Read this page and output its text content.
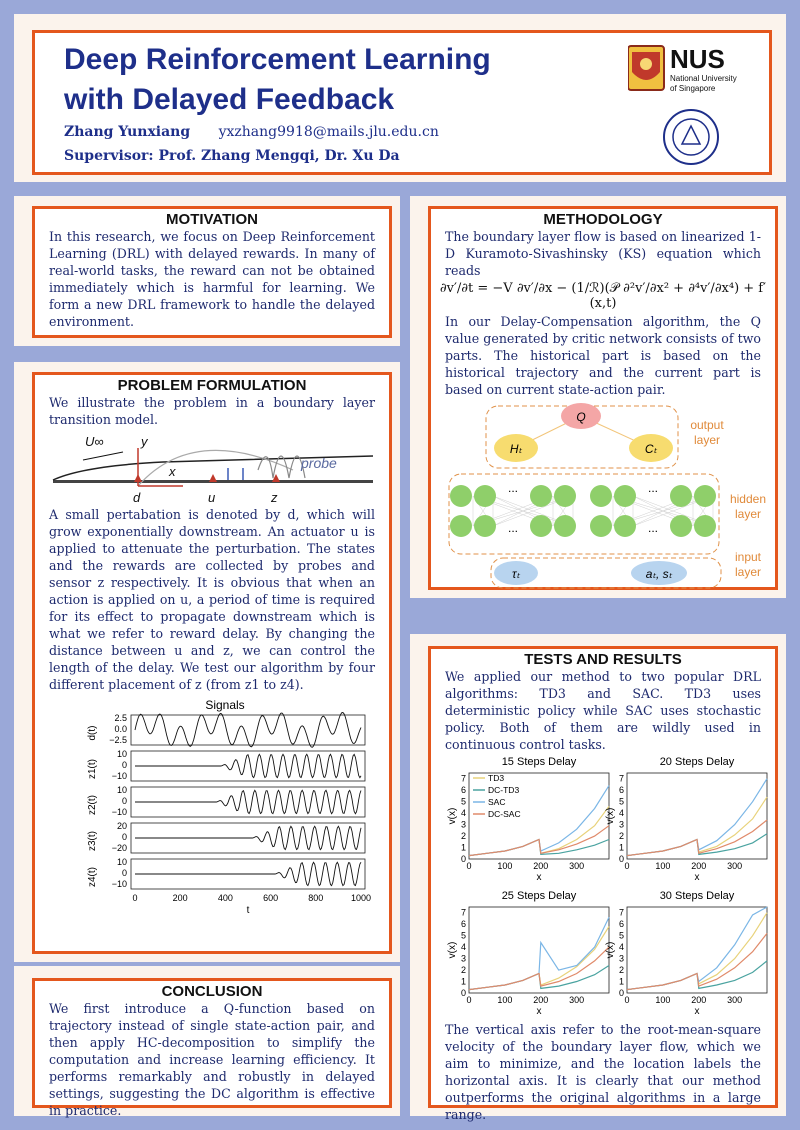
Deep Reinforcement Learning
with Delayed Feedback
Zhang Yunxiang yxzhang9918@mails.jlu.edu.cn
Supervisor: Prof. Zhang Mengqi, Dr. Xu Da
NUS
National University
of Singapore
MOTIVATION
In this research, we focus on Deep Reinforcement Learning (DRL) with delayed rewards. In many of real-world tasks, the reward can not be obtained immediately which is harmful for learning. We form a new DRL framework to handle the delayed environment.
PROBLEM FORMULATION
We illustrate the problem in a boundary layer transition model.
U∞	y
x
probe
d	u	z
A small pertabation is denoted by d, which will grow exponentially downstream. An actuator u is applied to attenuate the perturbation. The states and the rewards are collected by probes and sensor z respectively. It is obvious that when an action is applied on u, a period of time is required for its effect to propagate downstream which is what we refer to reward delay. By changing the distance between u and z, we can control the length of the delay. We test our algorithm by four different placement of z (from z1 to z4).
Signals
d(t)
2.5
0.0
−2.5
z1(t)
10
0
−10
z2(t)
10
0
−10
z3(t)
20
0
−20
z4(t)
10
0
−10
0	200	400	600	800	1000
t
CONCLUSION
We first introduce a Q-function based on trajectory instead of single state-action pair, and then apply HC-decomposition to simplify the computation and increase learning efficiency. It performs remarkably and robustly in delayed settings, suggesting the DC algorithm is effective in practice.
METHODOLOGY
The boundary layer flow is based on linearized 1-D Kuramoto-Sivashinsky (KS) equation which reads
∂v′/∂t = −V ∂v′/∂x − (1/ℛ)(𝒫 ∂²v′/∂x² + ∂⁴v′/∂x⁴) + f′(x,t)
In our Delay-Compensation algorithm, the Q value generated by critic network consists of two parts. The historical part is based on the historical trajectory and the current part is based on current state-action pair.
Q
Hₜ	Cₜ
...	...
...	...
τₜ	aₜ, sₜ
output layer
hidden layer
input layer
TESTS AND RESULTS
We applied our method to two popular DRL algorithms: TD3 and SAC. TD3 uses deterministic policy while SAC uses stochastic policy. Both of them are wildly used in continuous control tasks.
15 Steps Delay
0
1
2
3
4
5
6
7
0	100 200 300
x
v(x)
TD3
DC-TD3
SAC
DC-SAC
20 Steps Delay
0
1
2
3
4
5
6
7
0	100 200 300
x
v(x)
25 Steps Delay
0
1
2
3
4
5
6
7
0	100 200 300
x
v(x)
30 Steps Delay
0
1
2
3
4
5
6
7
0	100 200 300
x
v(x)
The vertical axis refer to the root-mean-square velocity of the boundary layer flow, which we aim to minimize, and the location labels the horizontal axis. It is clearly that our method outperforms the original algorithms in a large range.
